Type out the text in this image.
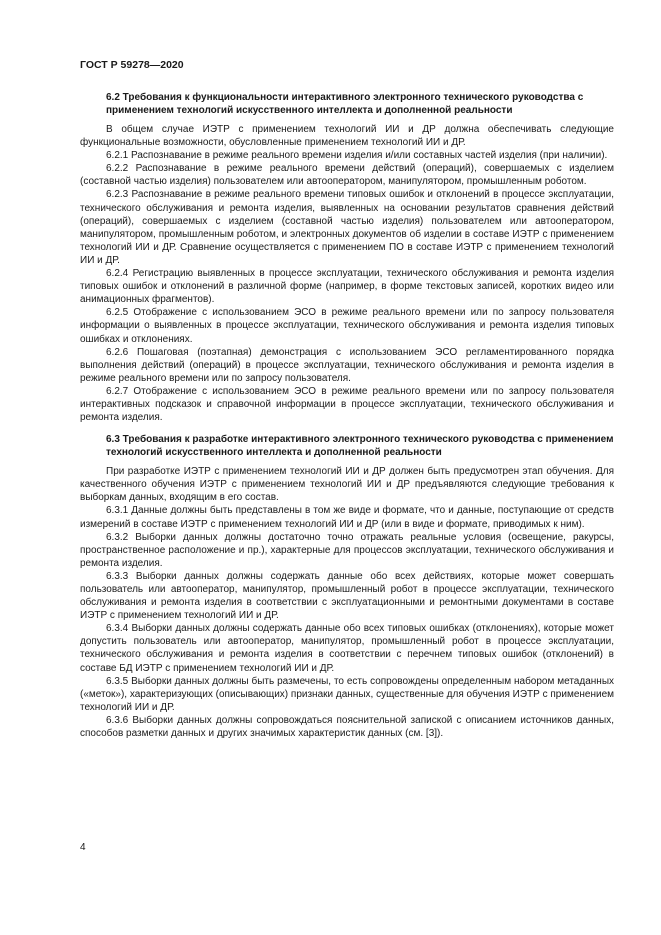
ГОСТ Р 59278—2020
6.2 Требования к функциональности интерактивного электронного технического руководства с применением технологий искусственного интеллекта и дополненной реальности

В общем случае ИЭТР с применением технологий ИИ и ДР должна обеспечивать следующие функциональные возможности, обусловленные применением технологий ИИ и ДР.

6.2.1 Распознавание в режиме реального времени изделия и/или составных частей изделия (при наличии).

6.2.2 Распознавание в режиме реального времени действий (операций), совершаемых с изделием (составной частью изделия) пользователем или автооператором, манипулятором, промышленным роботом.

6.2.3 Распознавание в режиме реального времени типовых ошибок и отклонений в процессе эксплуатации, технического обслуживания и ремонта изделия, выявленных на основании результатов сравнения действий (операций), совершаемых с изделием (составной частью изделия) пользователем или автооператором, манипулятором, промышленным роботом, и электронных документов об изделии в составе ИЭТР с применением технологий ИИ и ДР. Сравнение осуществляется с применением ПО в составе ИЭТР с применением технологий ИИ и ДР.

6.2.4 Регистрацию выявленных в процессе эксплуатации, технического обслуживания и ремонта изделия типовых ошибок и отклонений в различной форме (например, в форме текстовых записей, коротких видео или анимационных фрагментов).

6.2.5 Отображение с использованием ЭСО в режиме реального времени или по запросу пользователя информации о выявленных в процессе эксплуатации, технического обслуживания и ремонта изделия типовых ошибках и отклонениях.

6.2.6 Пошаговая (поэтапная) демонстрация с использованием ЭСО регламентированного порядка выполнения действий (операций) в процессе эксплуатации, технического обслуживания и ремонта изделия в режиме реального времени или по запросу пользователя.

6.2.7 Отображение с использованием ЭСО в режиме реального времени или по запросу пользователя интерактивных подсказок и справочной информации в процессе эксплуатации, технического обслуживания и ремонта изделия.

6.3 Требования к разработке интерактивного электронного технического руководства с применением технологий искусственного интеллекта и дополненной реальности

При разработке ИЭТР с применением технологий ИИ и ДР должен быть предусмотрен этап обучения. Для качественного обучения ИЭТР с применением технологий ИИ и ДР предъявляются следующие требования к выборкам данных, входящим в его состав.

6.3.1 Данные должны быть представлены в том же виде и формате, что и данные, поступающие от средств измерений в составе ИЭТР с применением технологий ИИ и ДР (или в виде и формате, приводимых к ним).

6.3.2 Выборки данных должны достаточно точно отражать реальные условия (освещение, ракурсы, пространственное расположение и пр.), характерные для процессов эксплуатации, технического обслуживания и ремонта изделия.

6.3.3 Выборки данных должны содержать данные обо всех действиях, которые может совершать пользователь или автооператор, манипулятор, промышленный робот в процессе эксплуатации, технического обслуживания и ремонта изделия в соответствии с эксплуатационными и ремонтными документами в составе ИЭТР с применением технологий ИИ и ДР.

6.3.4 Выборки данных должны содержать данные обо всех типовых ошибках (отклонениях), которые может допустить пользователь или автооператор, манипулятор, промышленный робот в процессе эксплуатации, технического обслуживания и ремонта изделия в соответствии с перечнем типовых ошибок (отклонений) в составе БД ИЭТР с применением технологий ИИ и ДР.

6.3.5 Выборки данных должны быть размечены, то есть сопровождены определенным набором метаданных («меток»), характеризующих (описывающих) признаки данных, существенные для обучения ИЭТР с применением технологий ИИ и ДР.

6.3.6 Выборки данных должны сопровождаться пояснительной запиской с описанием источников данных, способов разметки данных и других значимых характеристик данных (см. [3]).

4
